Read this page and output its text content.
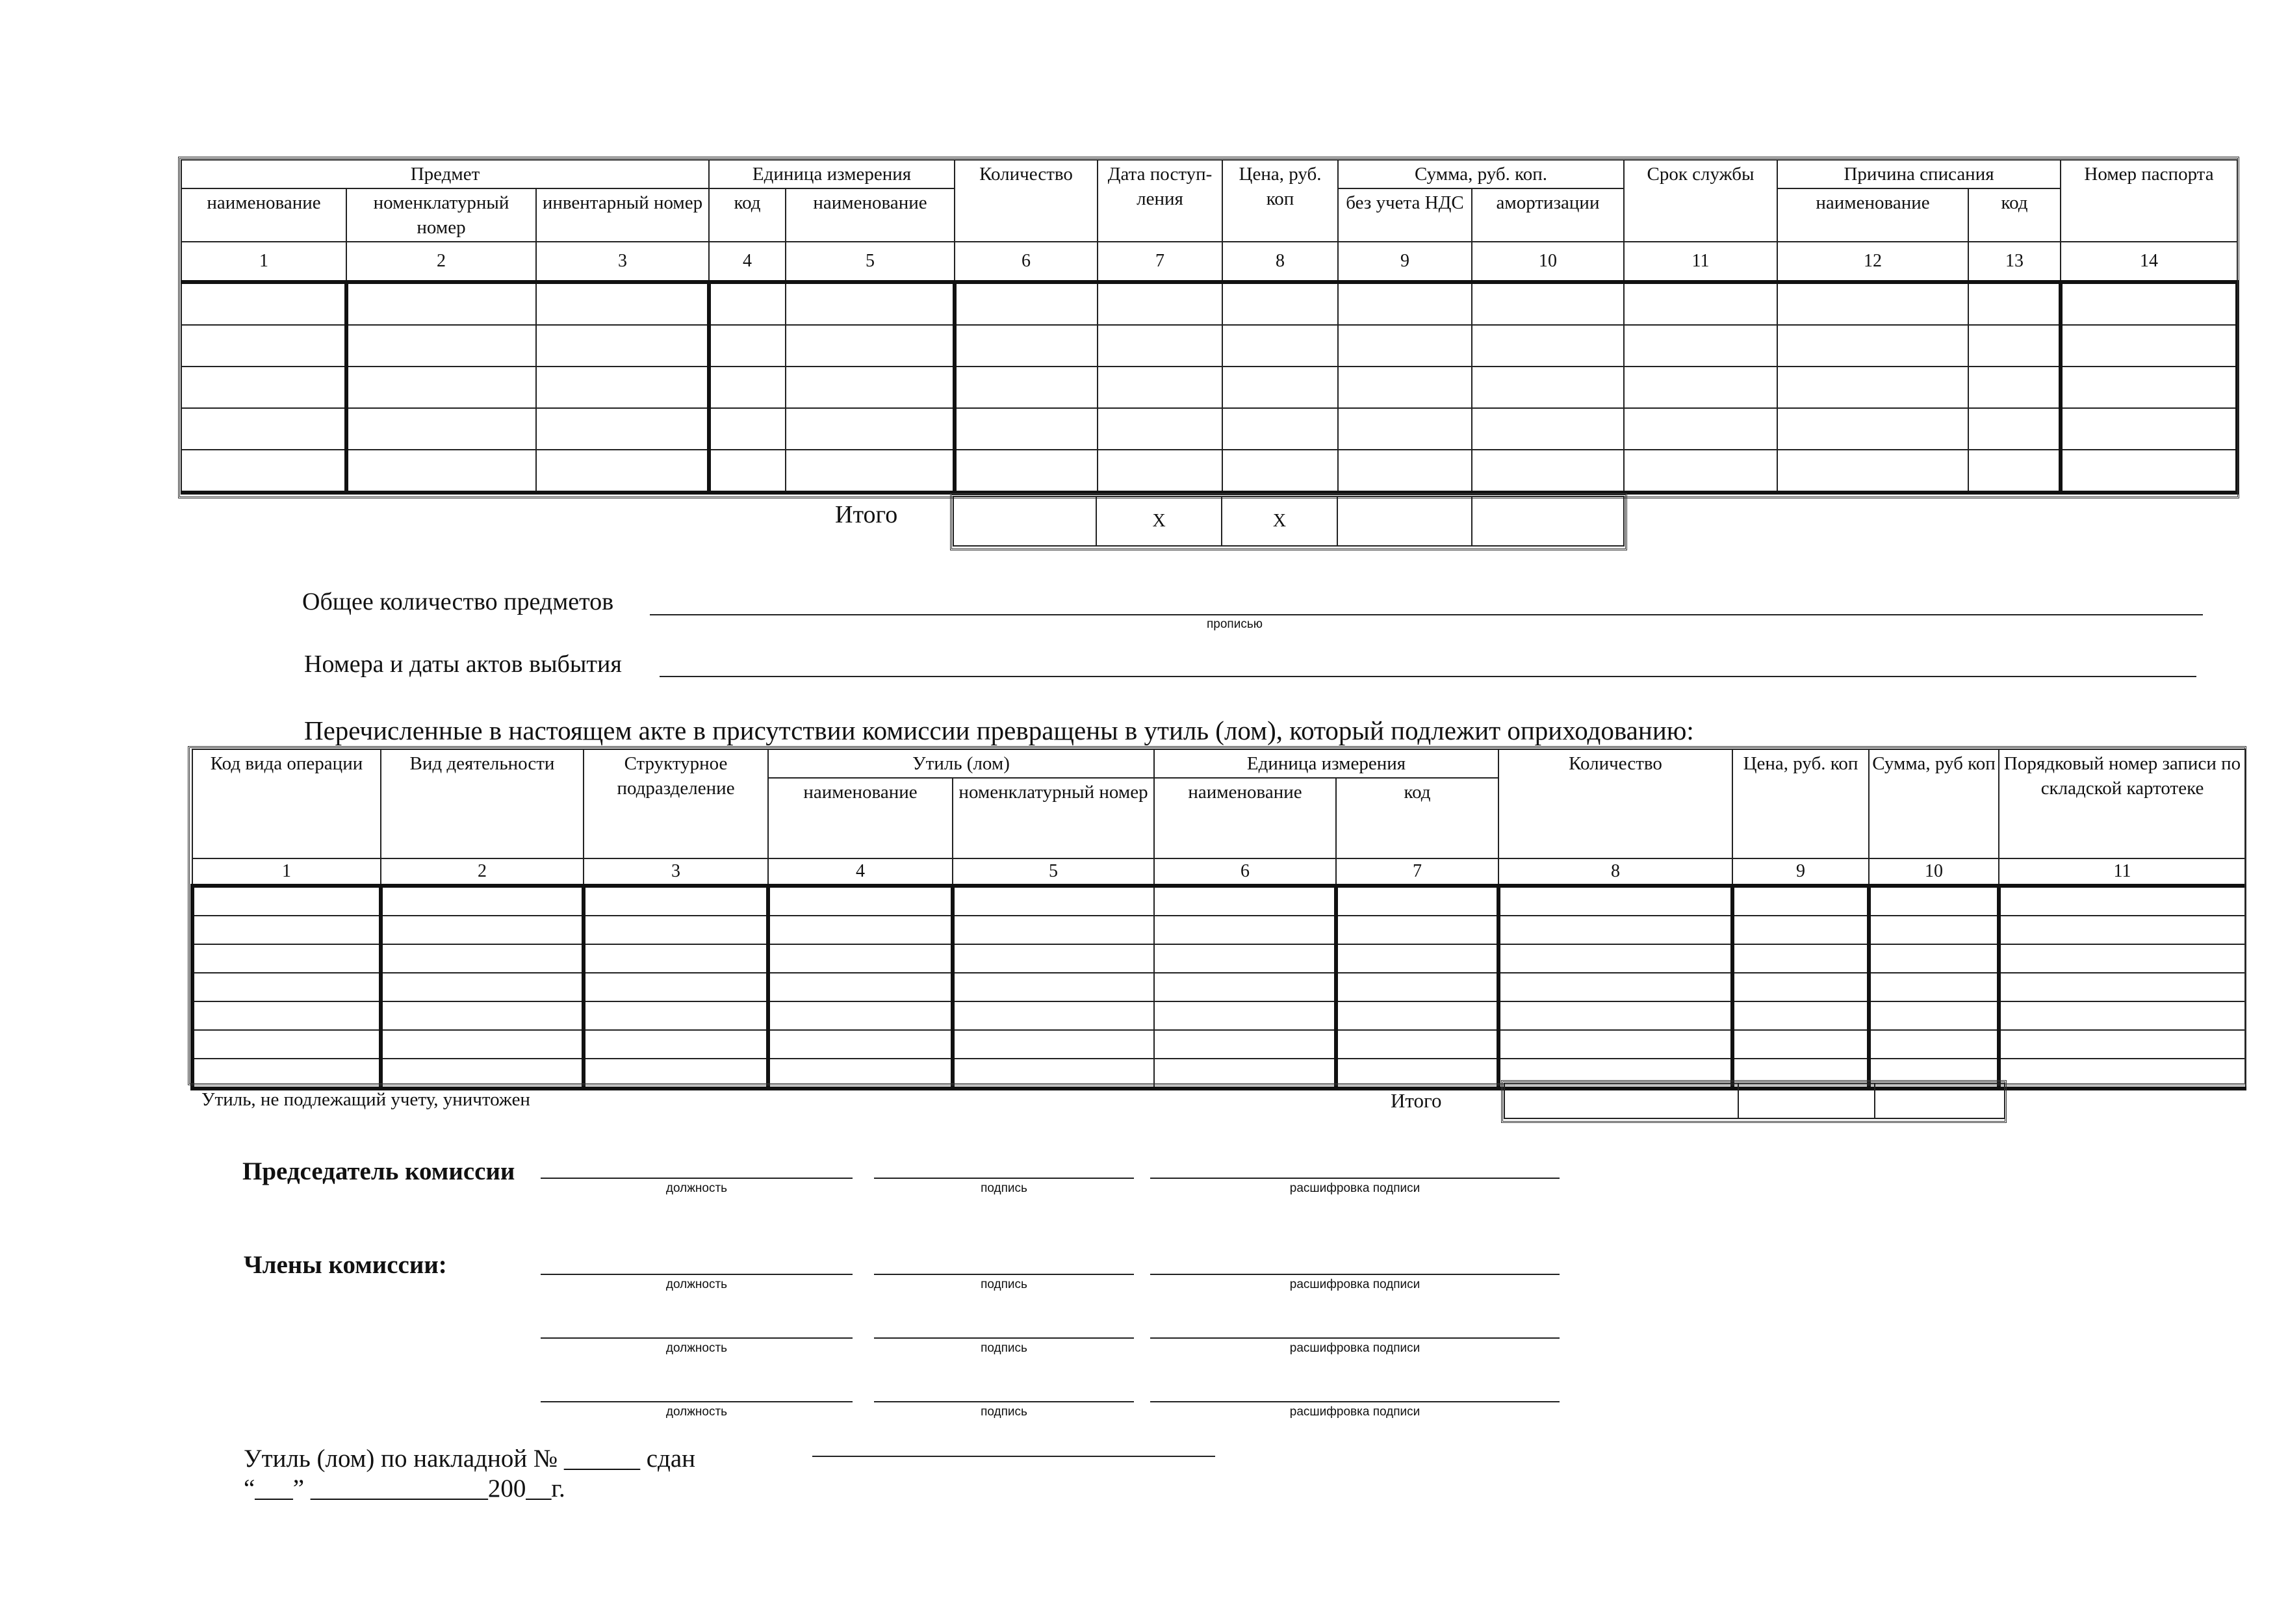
Предмет			Единица измерения		Количество	Дата поступ-ления	Цена, руб. коп	Сумма, руб. коп.		Срок службы	Причина списания		Номер паспорта
наименование	номенклатурный номер	инвентарный номер	код	наименование				без учета НДС	амортизации		наименование	код	
1	2	3	4	5	6	7	8	9	10	11	12	13	14

Итого
		Х	Х		
Общее количество предметов
прописью
Номера и даты актов выбытия
Перечисленные в настоящем акте в присутствии комиссии превращены в утиль (лом), который подлежит оприходованию:
Код вида операции	Вид деятельности	Структурное подразделение	Утиль (лом)		Единица измерения		Количество	Цена, руб. коп	Сумма, руб коп	Порядковый номер записи по складской картотеке
			наименование	номенклатурный номер	наименование	код				
1	2	3	4	5	6	7	8	9	10	11

Утиль, не подлежащий учету, уничтожен	Итого

Председатель комиссии
Члены комиссии:
должность	подпись	расшифровка подписи
должность	подпись	расшифровка подписи
должность	подпись	расшифровка подписи
должность	подпись	расшифровка подписи
Утиль (лом) по накладной № ______ сдан
“___” ______________200__г.
